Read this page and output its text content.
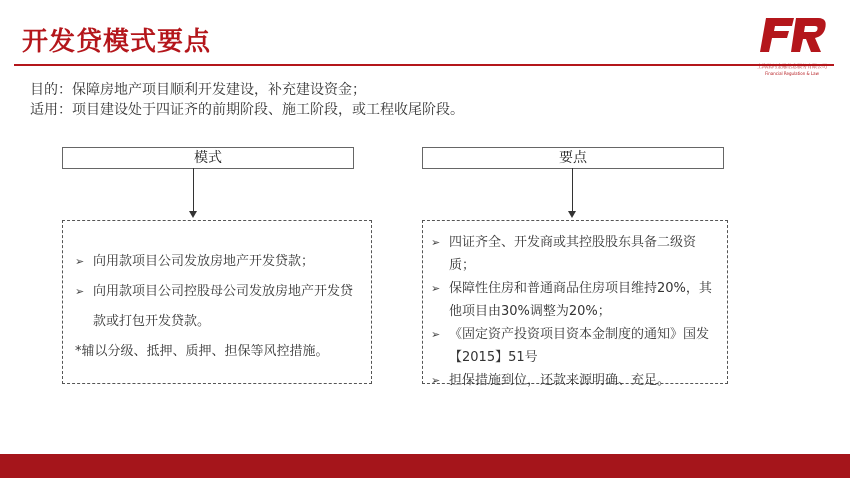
开发贷模式要点
上海法问金融信息服务有限公司
Financial Regulation & Law
目的：保障房地产项目顺利开发建设，补充建设资金；
适用：项目建设处于四证齐的前期阶段、施工阶段，或工程收尾阶段。
模式
➢ 向用款项目公司发放房地产开发贷款；
➢ 向用款项目公司控股母公司发放房地产开发贷款或打包开发贷款。
*辅以分级、抵押、质押、担保等风控措施。
要点
➢ 四证齐全、开发商或其控股股东具备二级资质；
➢ 保障性住房和普通商品住房项目维持20%，其他项目由30%调整为20%；
➢ 《固定资产投资项目资本金制度的通知》国发【2015】51号
➢ 担保措施到位，还款来源明确、充足。
